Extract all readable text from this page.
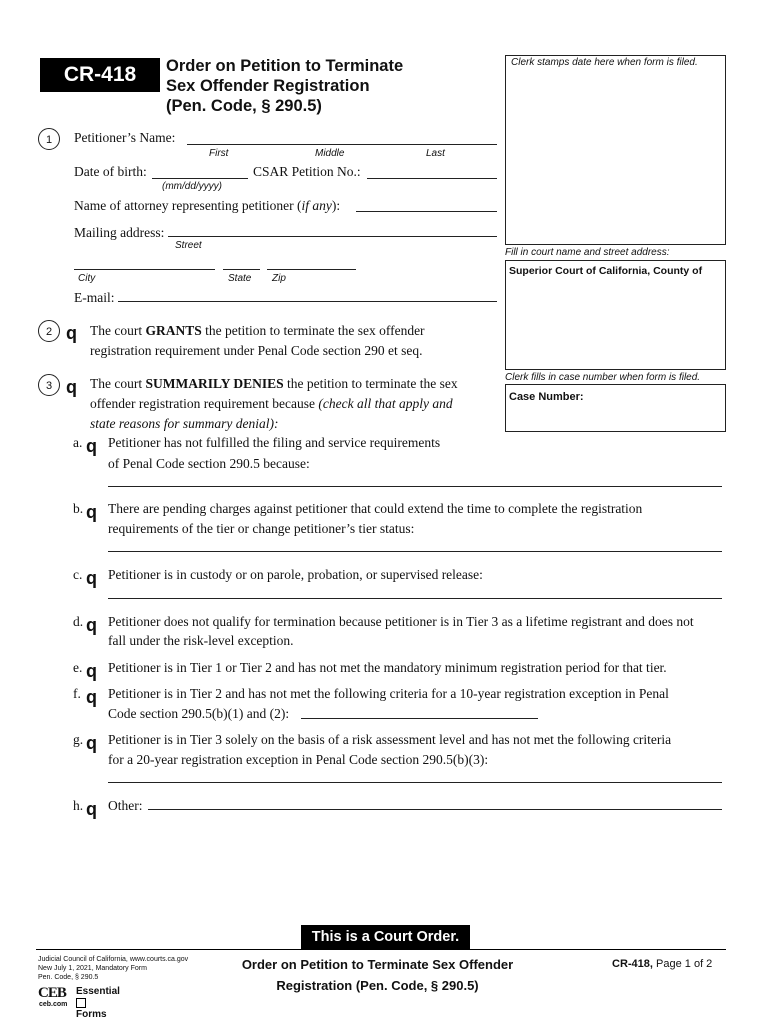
CR-418	Order on Petition to Terminate
Sex Offender Registration
(Pen. Code, § 290.5)
Clerk stamps date here when form is filed.
Fill in court name and street address:
Superior Court of California, County of
Clerk fills in case number when form is filed.
Case Number:
1	Petitioner’s Name:
First	Middle	Last
Date of birth:	CSAR Petition No.:
(mm/dd/yyyy)
Name of attorney representing petitioner (if any):
Mailing address:
Street
City	State Zip
E-mail:
2 q The court GRANTS the petition to terminate the sex offender
registration requirement under Penal Code section 290 et seq.
3 q The court SUMMARILY DENIES the petition to terminate the sex
offender registration requirement because (check all that apply and
state reasons for summary denial):
a. q Petitioner has not fulfilled the filing and service requirements
of Penal Code section 290.5 because:
b. q There are pending charges against petitioner that could extend the time to complete the registration
requirements of the tier or change petitioner’s tier status:
c. q Petitioner is in custody or on parole, probation, or supervised release:
d. q Petitioner does not qualify for termination because petitioner is in Tier 3 as a lifetime registrant and does not
fall under the risk-level exception.
e. q Petitioner is in Tier 1 or Tier 2 and has not met the mandatory minimum registration period for that tier.
f. q Petitioner is in Tier 2 and has not met the following criteria for a 10-year registration exception in Penal
Code section 290.5(b)(1) and (2):
g. q Petitioner is in Tier 3 solely on the basis of a risk assessment level and has not met the following criteria
for a 20-year registration exception in Penal Code section 290.5(b)(3):
h. q Other:
This is a Court Order.
Judicial Council of California, www.courts.ca.gov
New July 1, 2021, Mandatory Form
Pen. Code, § 290.5
CEB
ceb.com
Essential
Forms
Order on Petition to Terminate Sex Offender
Registration (Pen. Code, § 290.5)
CR-418, Page 1 of 2
